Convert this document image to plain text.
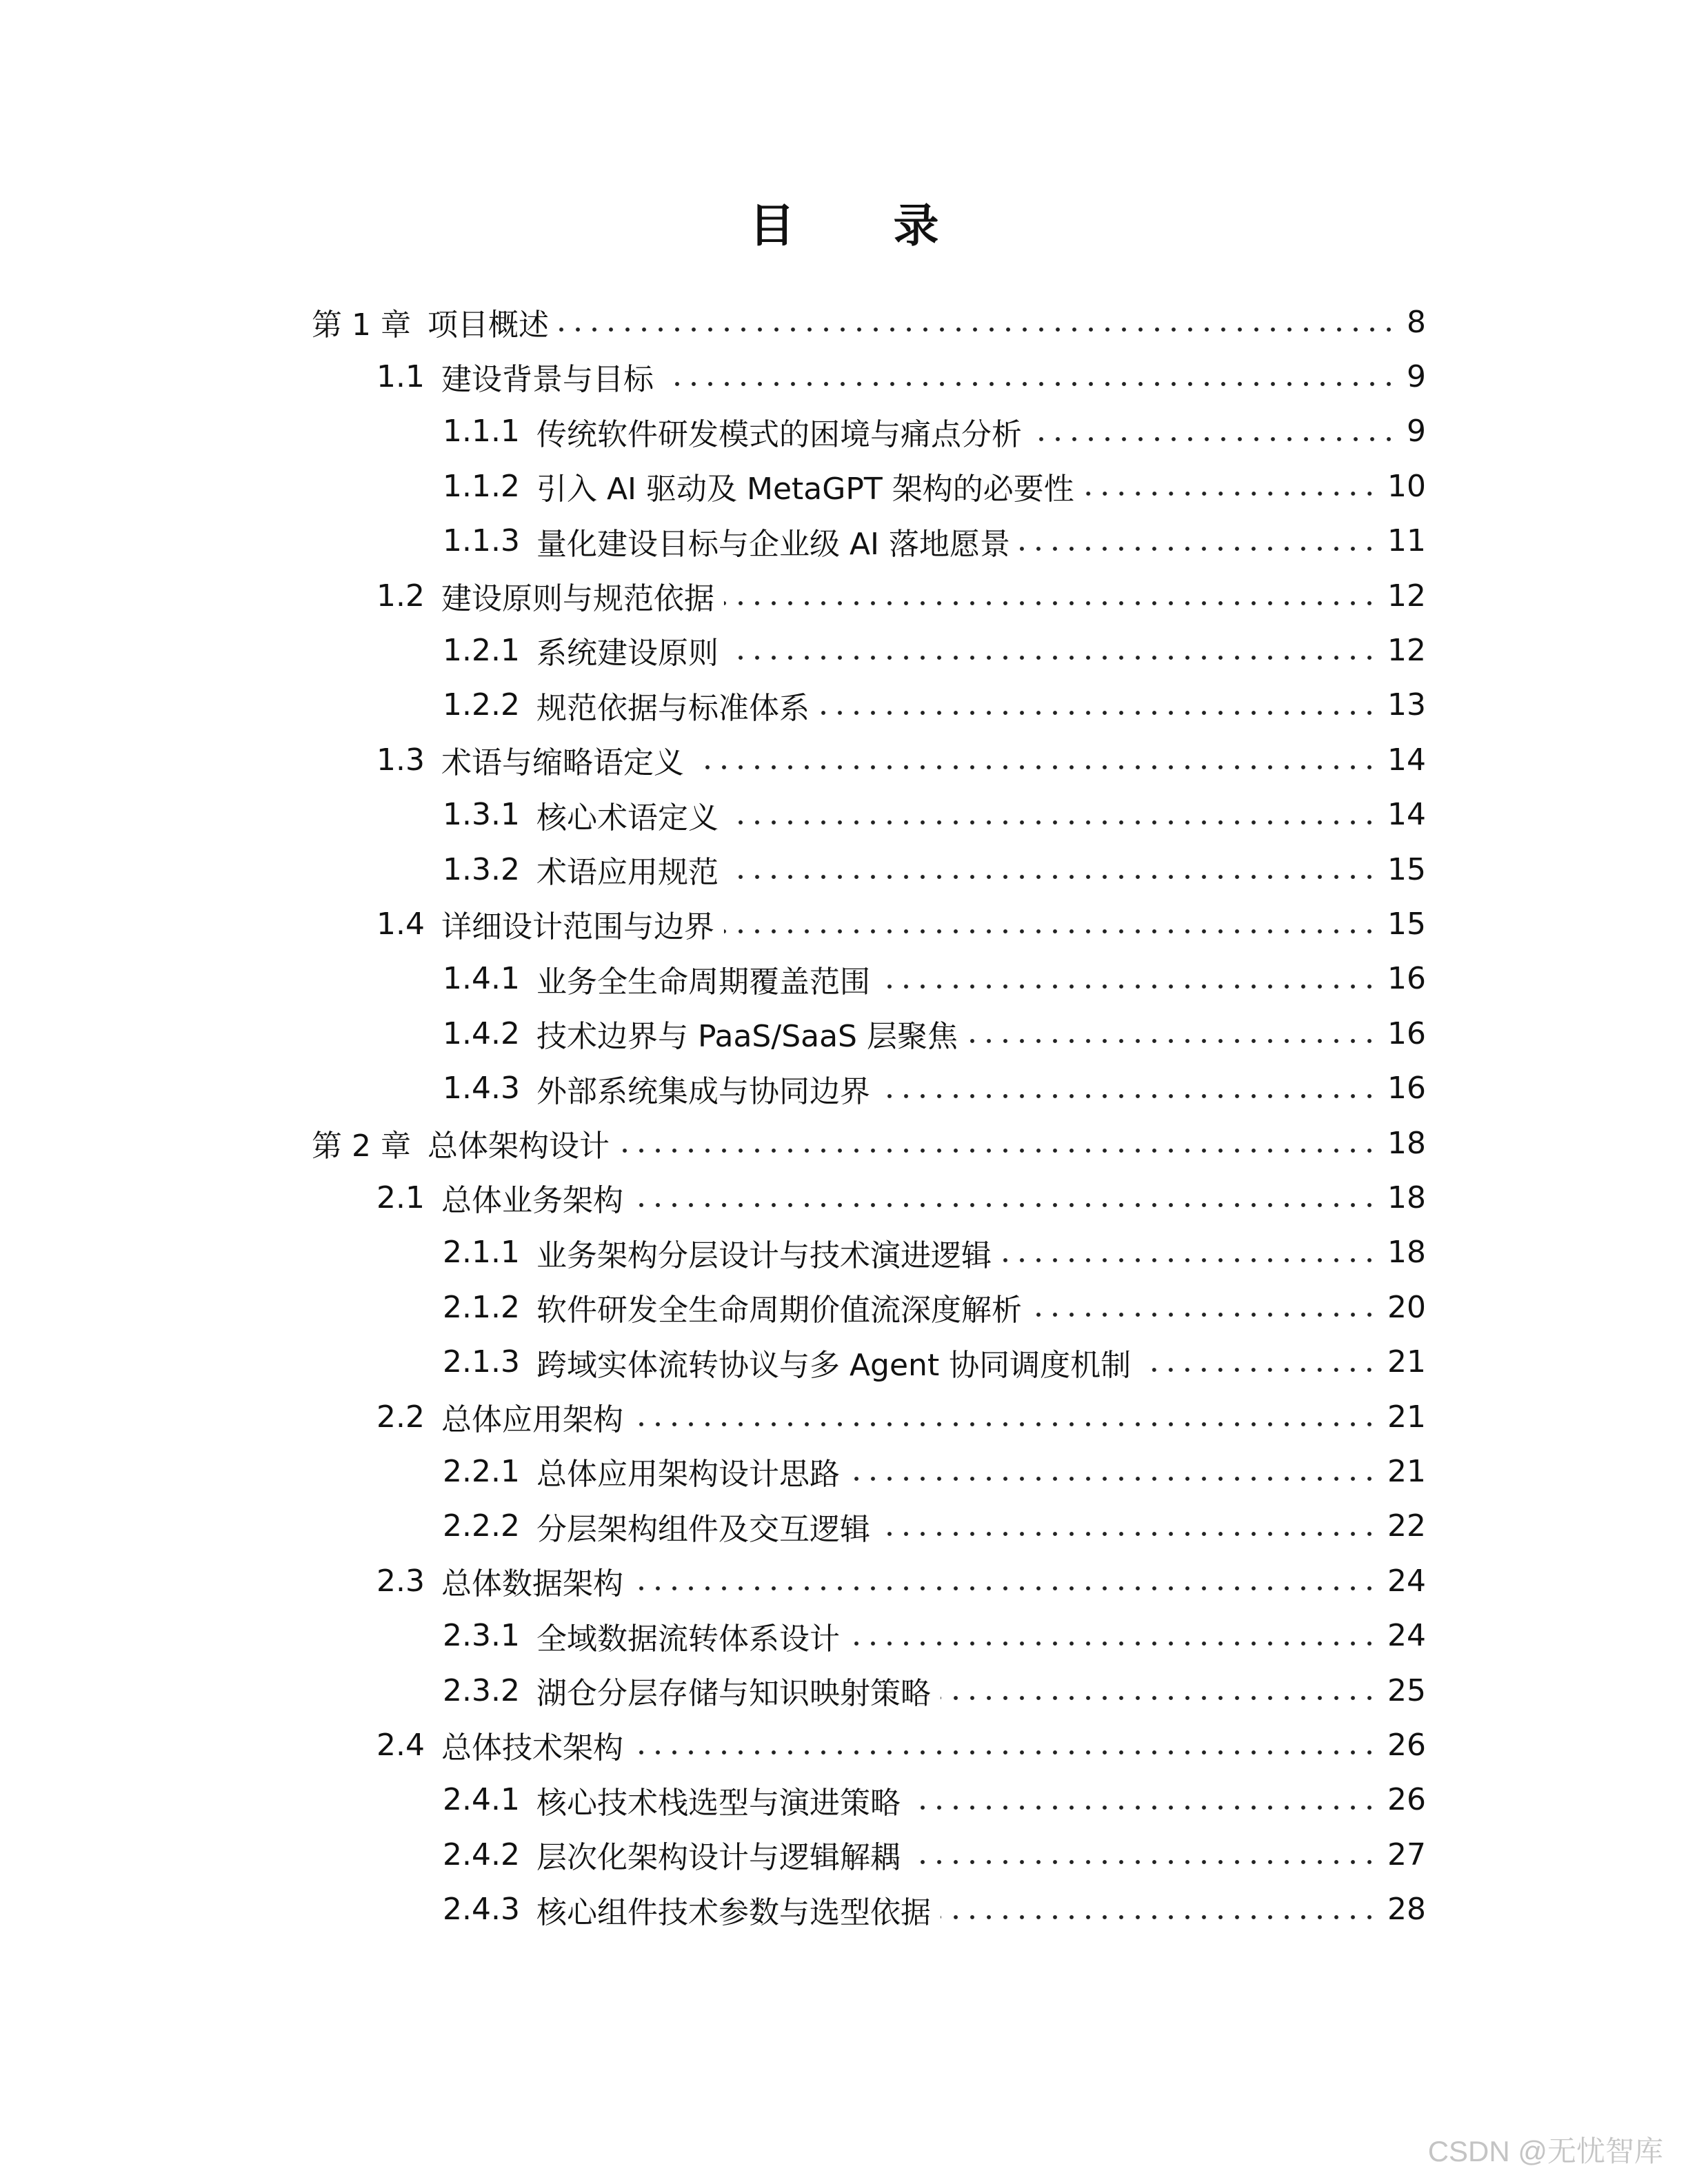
目 录
第 1 章 项目概述	8
1.1 建设背景与目标	9
1.1.1 传统软件研发模式的困境与痛点分析	9
1.1.2 引入 AI 驱动及 MetaGPT 架构的必要性	10
1.1.3 量化建设目标与企业级 AI 落地愿景	11
1.2 建设原则与规范依据	12
1.2.1 系统建设原则	12
1.2.2 规范依据与标准体系	13
1.3 术语与缩略语定义	14
1.3.1 核心术语定义	14
1.3.2 术语应用规范	15
1.4 详细设计范围与边界	15
1.4.1 业务全生命周期覆盖范围	16
1.4.2 技术边界与 PaaS/SaaS 层聚焦	16
1.4.3 外部系统集成与协同边界	16
第 2 章 总体架构设计	18
2.1 总体业务架构	18
2.1.1 业务架构分层设计与技术演进逻辑	18
2.1.2 软件研发全生命周期价值流深度解析	20
2.1.3 跨域实体流转协议与多 Agent 协同调度机制	21
2.2 总体应用架构	21
2.2.1 总体应用架构设计思路	21
2.2.2 分层架构组件及交互逻辑	22
2.3 总体数据架构	24
2.3.1 全域数据流转体系设计	24
2.3.2 湖仓分层存储与知识映射策略	25
2.4 总体技术架构	26
2.4.1 核心技术栈选型与演进策略	26
2.4.2 层次化架构设计与逻辑解耦	27
2.4.3 核心组件技术参数与选型依据	28
CSDN @无忧智库
